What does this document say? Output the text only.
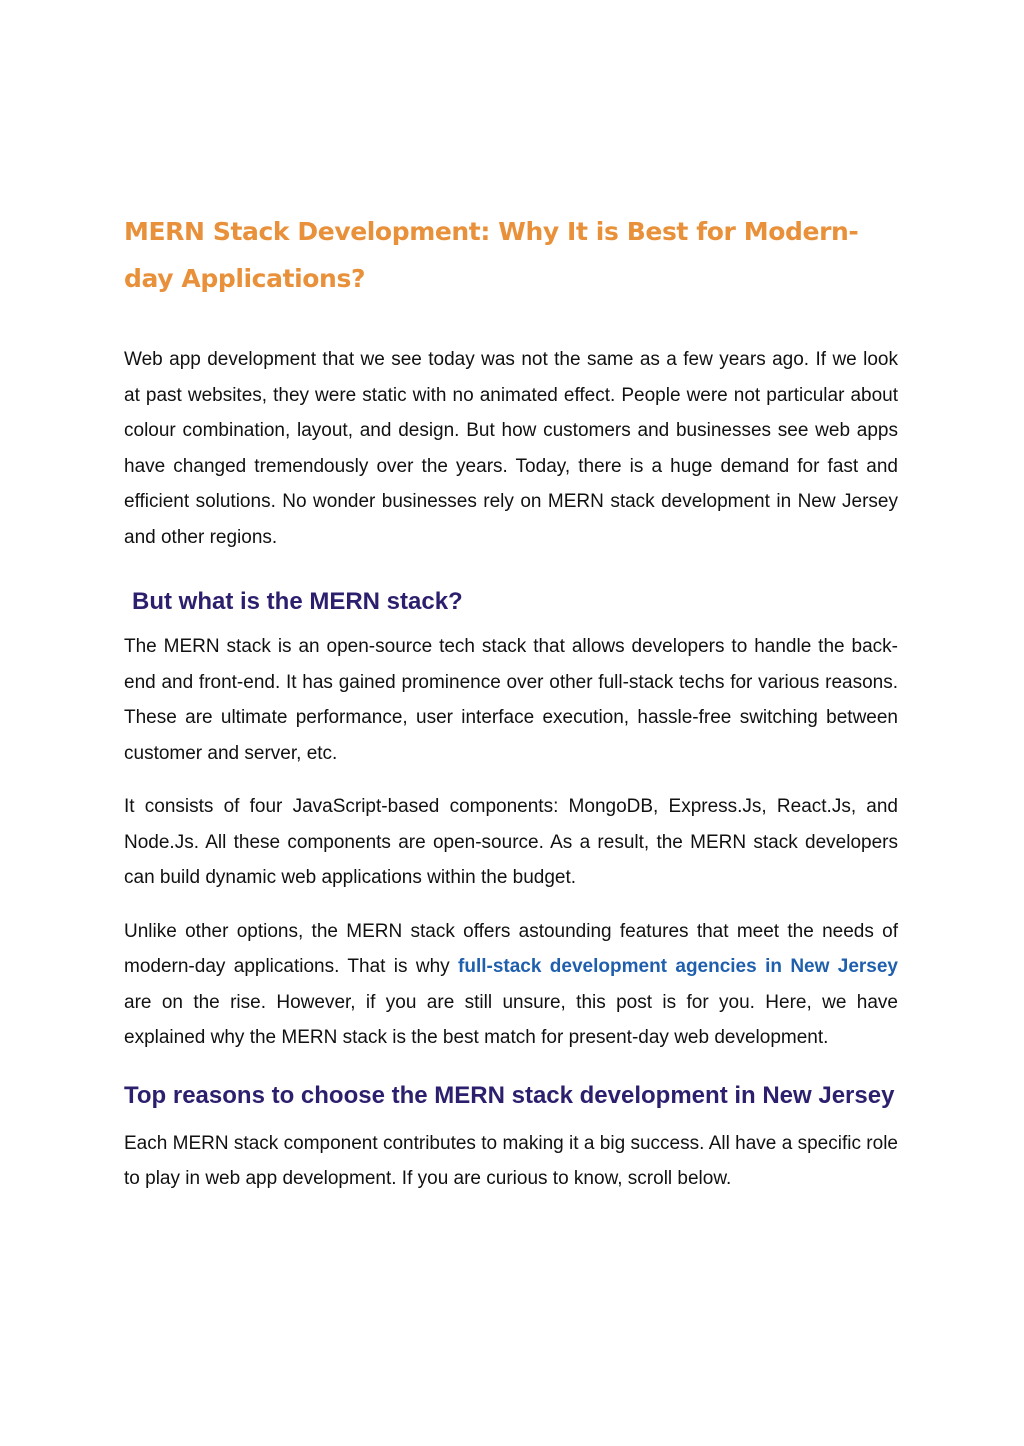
MERN Stack Development: Why It is Best for Modern-day Applications?

Web app development that we see today was not the same as a few years ago. If we look at past websites, they were static with no animated effect. People were not particular about colour combination, layout, and design. But how customers and businesses see web apps have changed tremendously over the years. Today, there is a huge demand for fast and efficient solutions. No wonder businesses rely on MERN stack development in New Jersey and other regions.

But what is the MERN stack?

The MERN stack is an open-source tech stack that allows developers to handle the back-end and front-end. It has gained prominence over other full-stack techs for various reasons. These are ultimate performance, user interface execution, hassle-free switching between customer and server, etc.

It consists of four JavaScript-based components: MongoDB, Express.Js, React.Js, and Node.Js. All these components are open-source. As a result, the MERN stack developers can build dynamic web applications within the budget.

Unlike other options, the MERN stack offers astounding features that meet the needs of modern-day applications. That is why full-stack development agencies in New Jersey are on the rise. However, if you are still unsure, this post is for you. Here, we have explained why the MERN stack is the best match for present-day web development.

Top reasons to choose the MERN stack development in New Jersey

Each MERN stack component contributes to making it a big success. All have a specific role to play in web app development. If you are curious to know, scroll below.
